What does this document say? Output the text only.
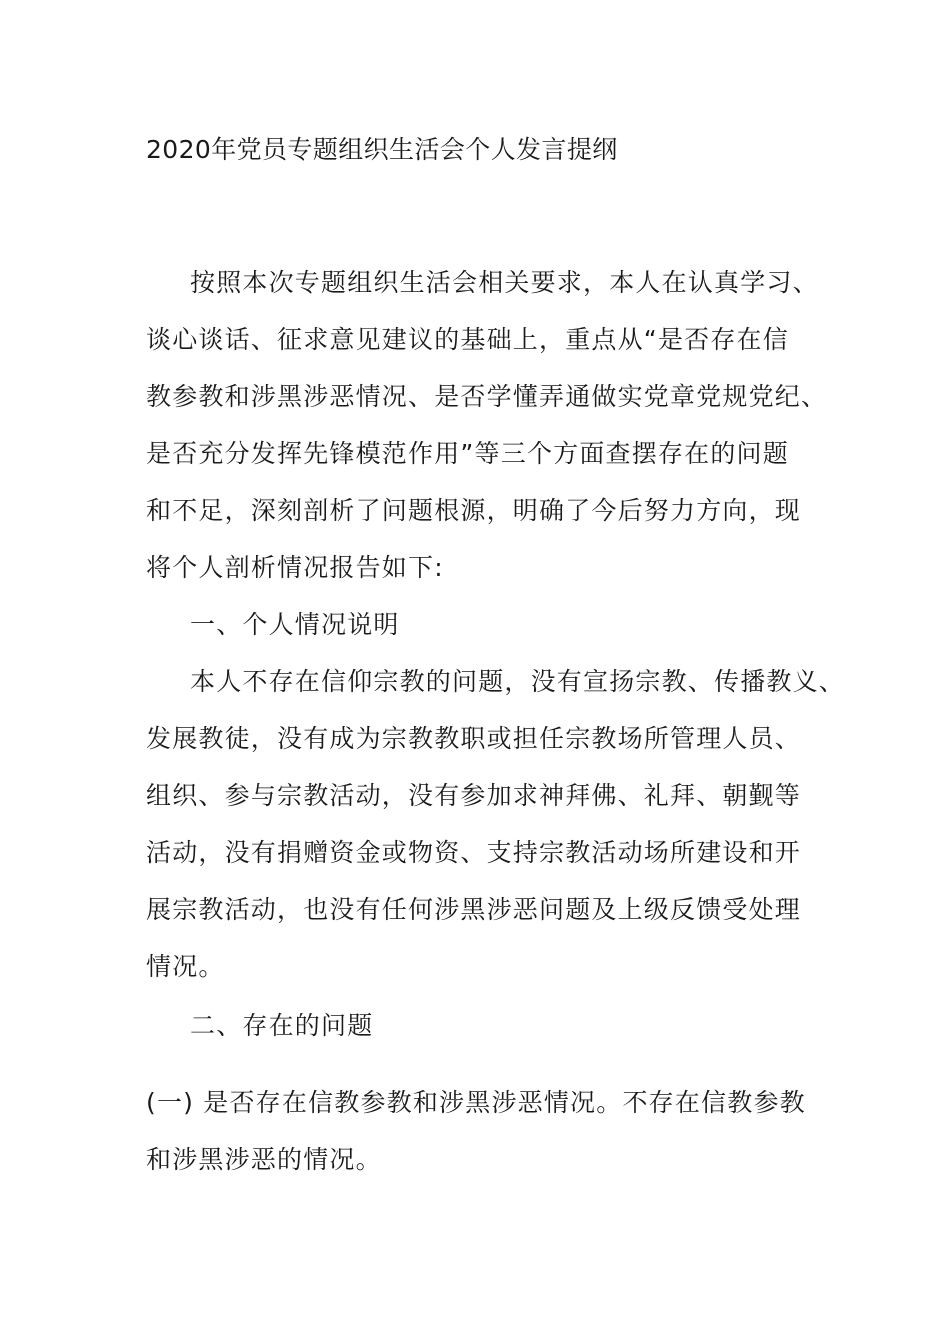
2020年党员专题组织生活会个人发言提纲

按照本次专题组织生活会相关要求，本人在认真学习、

谈心谈话、征求意见建议的基础上，重点从“是否存在信

教参教和涉黑涉恶情况、是否学懂弄通做实党章党规党纪、

是否充分发挥先锋模范作用”等三个方面查摆存在的问题

和不足，深刻剖析了问题根源，明确了今后努力方向，现

将个人剖析情况报告如下:

一、个人情况说明

本人不存在信仰宗教的问题，没有宣扬宗教、传播教义、

发展教徒，没有成为宗教教职或担任宗教场所管理人员、

组织、参与宗教活动，没有参加求神拜佛、礼拜、朝觐等

活动，没有捐赠资金或物资、支持宗教活动场所建设和开

展宗教活动，也没有任何涉黑涉恶问题及上级反馈受处理

情况。

二、存在的问题

(一) 是否存在信教参教和涉黑涉恶情况。不存在信教参教

和涉黑涉恶的情况。
